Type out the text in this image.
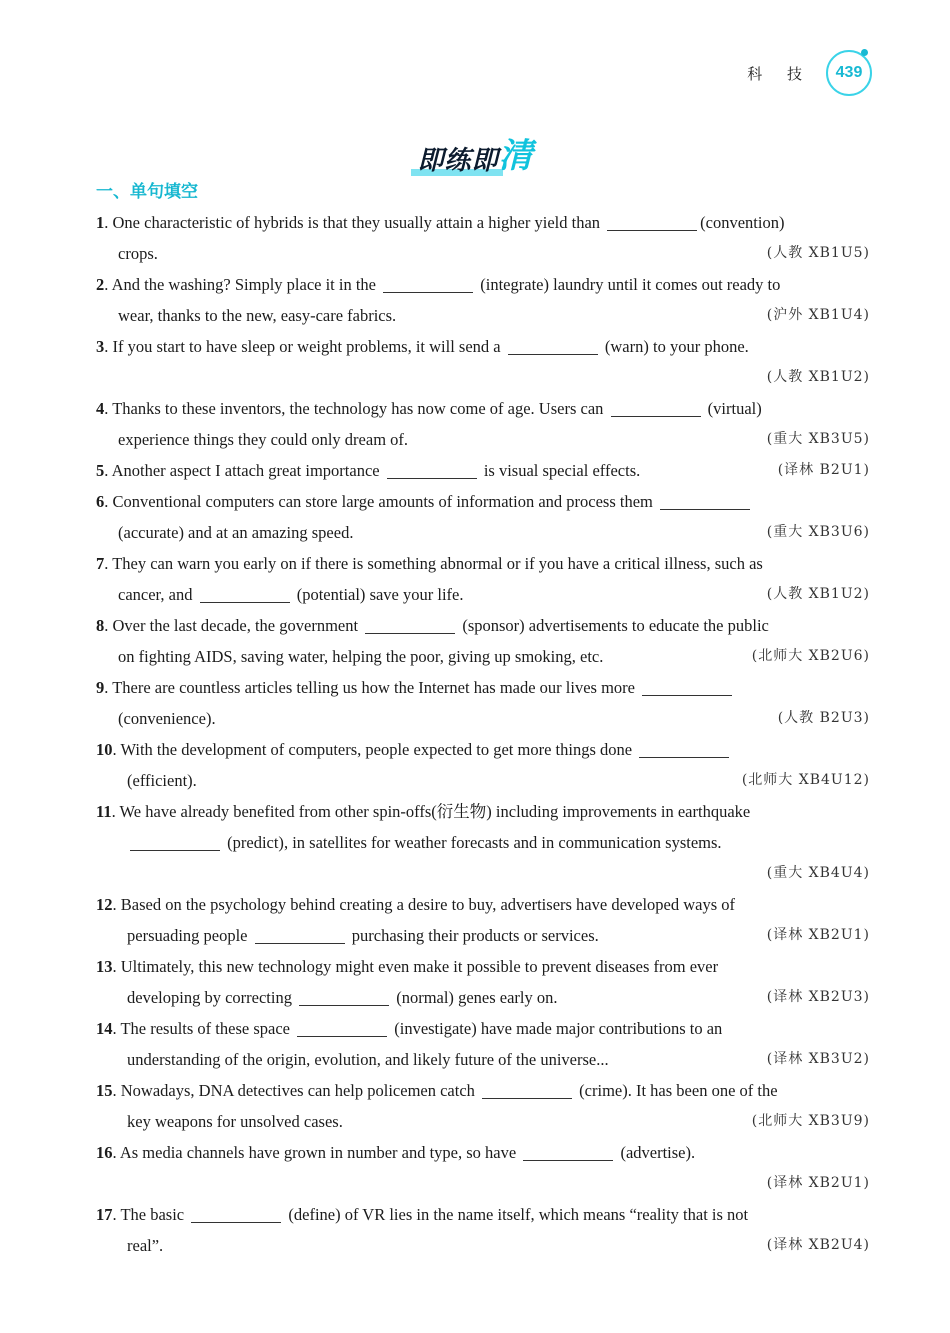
科 技 439
即练即 清
一、单句填空
1. One characteristic of hybrids is that they usually attain a higher yield than	(convention)
(人教 XB1U5)
crops.
2. And the washing? Simply place it in the	(integrate) laundry until it comes out ready to
(沪外 XB1U4)
wear, thanks to the new, easy-care fabrics.
3. If you start to have sleep or weight problems, it will send a	(warn) to your phone.
(人教 XB1U2)
4. Thanks to these inventors, the technology has now come of age. Users can	(virtual)
(重大 XB3U5)
experience things they could only dream of.
(译林 B2U1)
5. Another aspect I attach great importance	is visual special effects.
6. Conventional computers can store large amounts of information and process them
(重大 XB3U6)
(accurate) and at an amazing speed.
7. They can warn you early on if there is something abnormal or if you have a critical illness, such as
(人教 XB1U2)
cancer, and	(potential) save your life.
8. Over the last decade, the government	(sponsor) advertisements to educate the public
(北师大 XB2U6)
on fighting AIDS, saving water, helping the poor, giving up smoking, etc.
9. There are countless articles telling us how the Internet has made our lives more
(人教 B2U3)
(convenience).
10. With the development of computers, people expected to get more things done
(北师大 XB4U12)
(efficient).
11. We have already benefited from other spin-offs(衍生物) including improvements in earthquake
(predict), in satellites for weather forecasts and in communication systems.
(重大 XB4U4)
12. Based on the psychology behind creating a desire to buy, advertisers have developed ways of
(译林 XB2U1)
persuading people	purchasing their products or services.
13. Ultimately, this new technology might even make it possible to prevent diseases from ever
(译林 XB2U3)
developing by correcting	(normal) genes early on.
14. The results of these space	(investigate) have made major contributions to an
(译林 XB3U2)
understanding of the origin, evolution, and likely future of the universe...
15. Nowadays, DNA detectives can help policemen catch	(crime). It has been one of the
(北师大 XB3U9)
key weapons for unsolved cases.
16. As media channels have grown in number and type, so have	(advertise).
(译林 XB2U1)
17. The basic	(define) of VR lies in the name itself, which means “reality that is not
(译林 XB2U4)
real”.
